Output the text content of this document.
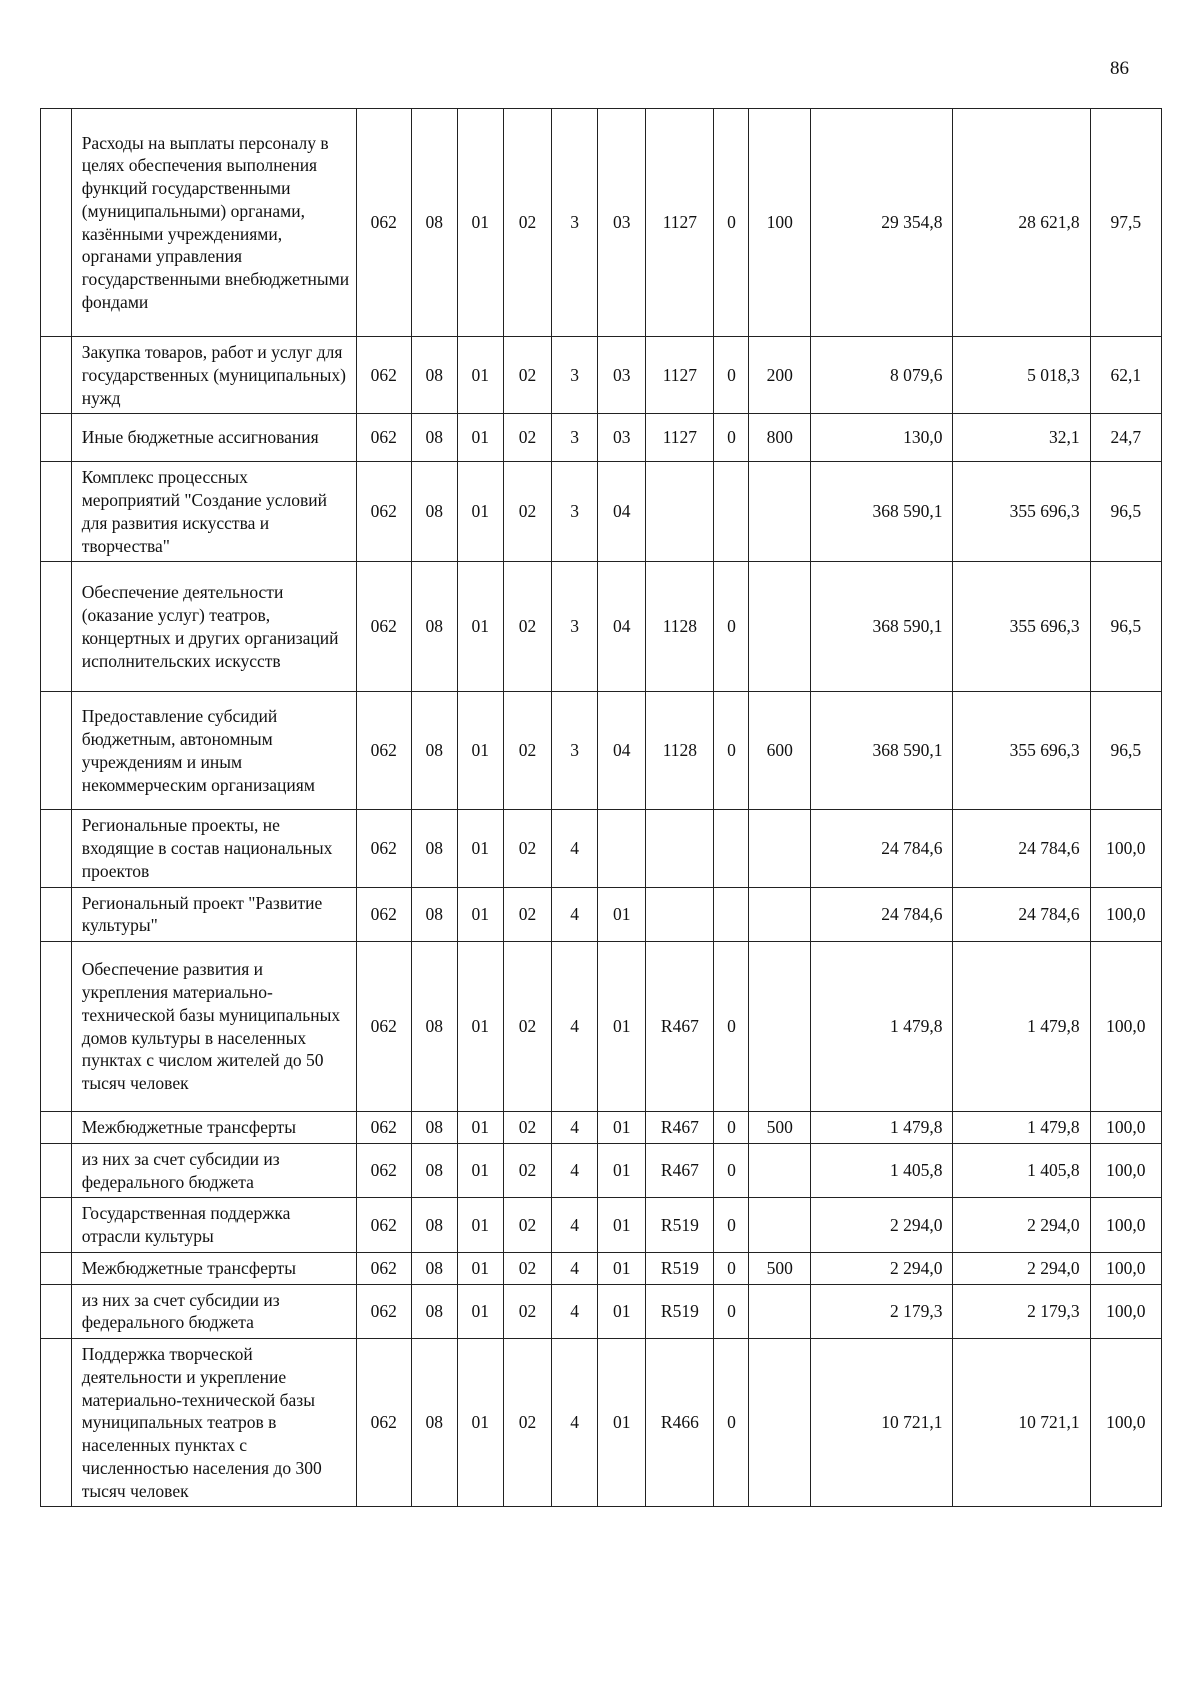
86
	Расходы на выплаты персоналу в целях обеспечения выполнения функций государственными (муниципальными) органами, казёнными учреждениями, органами управления государственными внебюджетными фондами	062	08	01	02	3	03	1127	0	100	29 354,8	28 621,8	97,5
	Закупка товаров, работ и услуг для государственных (муниципальных) нужд	062	08	01	02	3	03	1127	0	200	8 079,6	5 018,3	62,1
	Иные бюджетные ассигнования	062	08	01	02	3	03	1127	0	800	130,0	32,1	24,7
	Комплекс процессных мероприятий "Создание условий для развития искусства и творчества"	062	08	01	02	3	04				368 590,1	355 696,3	96,5
	Обеспечение деятельности (оказание услуг) театров, концертных и других организаций исполнительских искусств	062	08	01	02	3	04	1128	0		368 590,1	355 696,3	96,5
	Предоставление субсидий бюджетным, автономным учреждениям и иным некоммерческим организациям	062	08	01	02	3	04	1128	0	600	368 590,1	355 696,3	96,5
	Региональные проекты, не входящие в состав национальных проектов	062	08	01	02	4					24 784,6	24 784,6	100,0
	Региональный проект "Развитие культуры"	062	08	01	02	4	01				24 784,6	24 784,6	100,0
	Обеспечение развития и укрепления материально-технической базы муниципальных домов культуры в населенных пунктах с числом жителей до 50 тысяч человек	062	08	01	02	4	01	R467	0		1 479,8	1 479,8	100,0
	Межбюджетные трансферты	062	08	01	02	4	01	R467	0	500	1 479,8	1 479,8	100,0
	из них за счет субсидии из федерального бюджета	062	08	01	02	4	01	R467	0		1 405,8	1 405,8	100,0
	Государственная поддержка отрасли культуры	062	08	01	02	4	01	R519	0		2 294,0	2 294,0	100,0
	Межбюджетные трансферты	062	08	01	02	4	01	R519	0	500	2 294,0	2 294,0	100,0
	из них за счет субсидии из федерального бюджета	062	08	01	02	4	01	R519	0		2 179,3	2 179,3	100,0
	Поддержка творческой деятельности и укрепление материально-технической базы муниципальных театров в населенных пунктах с численностью населения до 300 тысяч человек	062	08	01	02	4	01	R466	0		10 721,1	10 721,1	100,0
